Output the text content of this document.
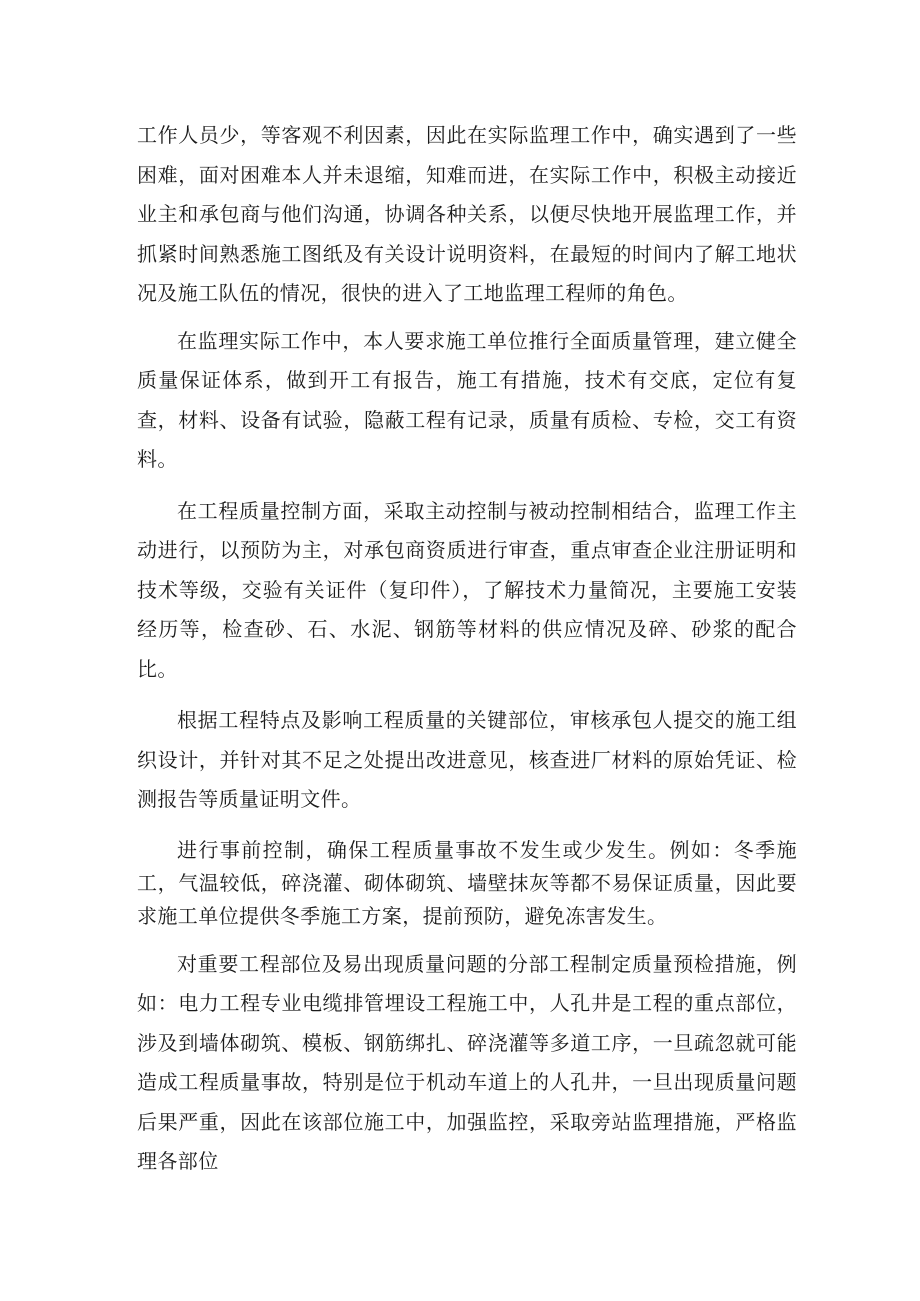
工作人员少，等客观不利因素，因此在实际监理工作中，确实遇到了一些困难，面对困难本人并未退缩，知难而进，在实际工作中，积极主动接近业主和承包商与他们沟通，协调各种关系，以便尽快地开展监理工作，并抓紧时间熟悉施工图纸及有关设计说明资料，在最短的时间内了解工地状况及施工队伍的情况，很快的进入了工地监理工程师的角色。

在监理实际工作中，本人要求施工单位推行全面质量管理，建立健全质量保证体系，做到开工有报告，施工有措施，技术有交底，定位有复查，材料、设备有试验，隐蔽工程有记录，质量有质检、专检，交工有资料。

在工程质量控制方面，采取主动控制与被动控制相结合，监理工作主动进行，以预防为主，对承包商资质进行审查，重点审查企业注册证明和技术等级，交验有关证件（复印件），了解技术力量简况，主要施工安装经历等，检查砂、石、水泥、钢筋等材料的供应情况及碎、砂浆的配合比。

根据工程特点及影响工程质量的关键部位，审核承包人提交的施工组织设计，并针对其不足之处提出改进意见，核查进厂材料的原始凭证、检测报告等质量证明文件。

进行事前控制，确保工程质量事故不发生或少发生。例如：冬季施工，气温较低，碎浇灌、砌体砌筑、墙壁抹灰等都不易保证质量，因此要求施工单位提供冬季施工方案，提前预防，避免冻害发生。

对重要工程部位及易出现质量问题的分部工程制定质量预检措施，例如：电力工程专业电缆排管埋设工程施工中，人孔井是工程的重点部位，涉及到墙体砌筑、模板、钢筋绑扎、碎浇灌等多道工序，一旦疏忽就可能造成工程质量事故，特别是位于机动车道上的人孔井，一旦出现质量问题后果严重，因此在该部位施工中，加强监控，采取旁站监理措施，严格监理各部位
